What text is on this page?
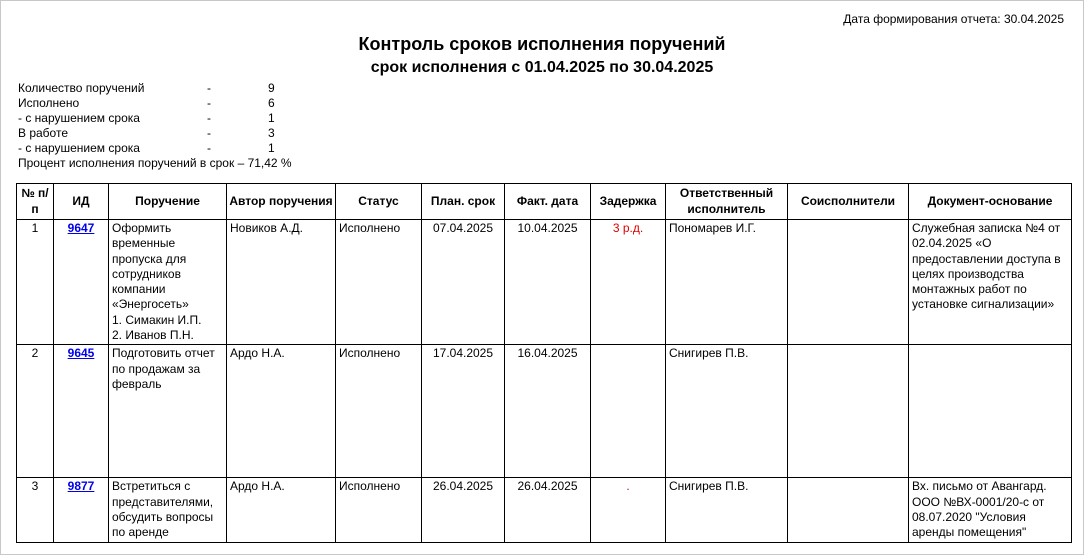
Дата формирования отчета: 30.04.2025
Контроль сроков исполнения поручений
срок исполнения с 01.04.2025 по 30.04.2025
Количество поручений	-	9
Исполнено	-	6
- с нарушением срока	-	1
В работе	-	3
- с нарушением срока	-	1
Процент исполнения поручений в срок – 71,42 %
№ п/п	ИД	Поручение	Автор поручения	Статус	План. срок	Факт. дата	Задержка	Ответственный исполнитель	Соисполнители	Документ-основание
1	9647	Оформить временные пропуска для сотрудников компании «Энергосеть»
1. Симакин И.П.
2. Иванов П.Н.	Новиков А.Д.	Исполнено	07.04.2025	10.04.2025	3 р.д.	Пономарев И.Г.		Служебная записка №4 от 02.04.2025 «О предоставлении доступа в целях производства монтажных работ по установке сигнализации»
2	9645	Подготовить отчет по продажам за февраль	Ардо Н.А.	Исполнено	17.04.2025	16.04.2025		Снигирев П.В.		
3	9877	Встретиться с представителями, обсудить вопросы по аренде	Ардо Н.А.	Исполнено	26.04.2025	26.04.2025	.	Снигирев П.В.		Вх. письмо от Авангард. ООО №ВХ-0001/20-с от 08.07.2020 "Условия аренды помещения"
